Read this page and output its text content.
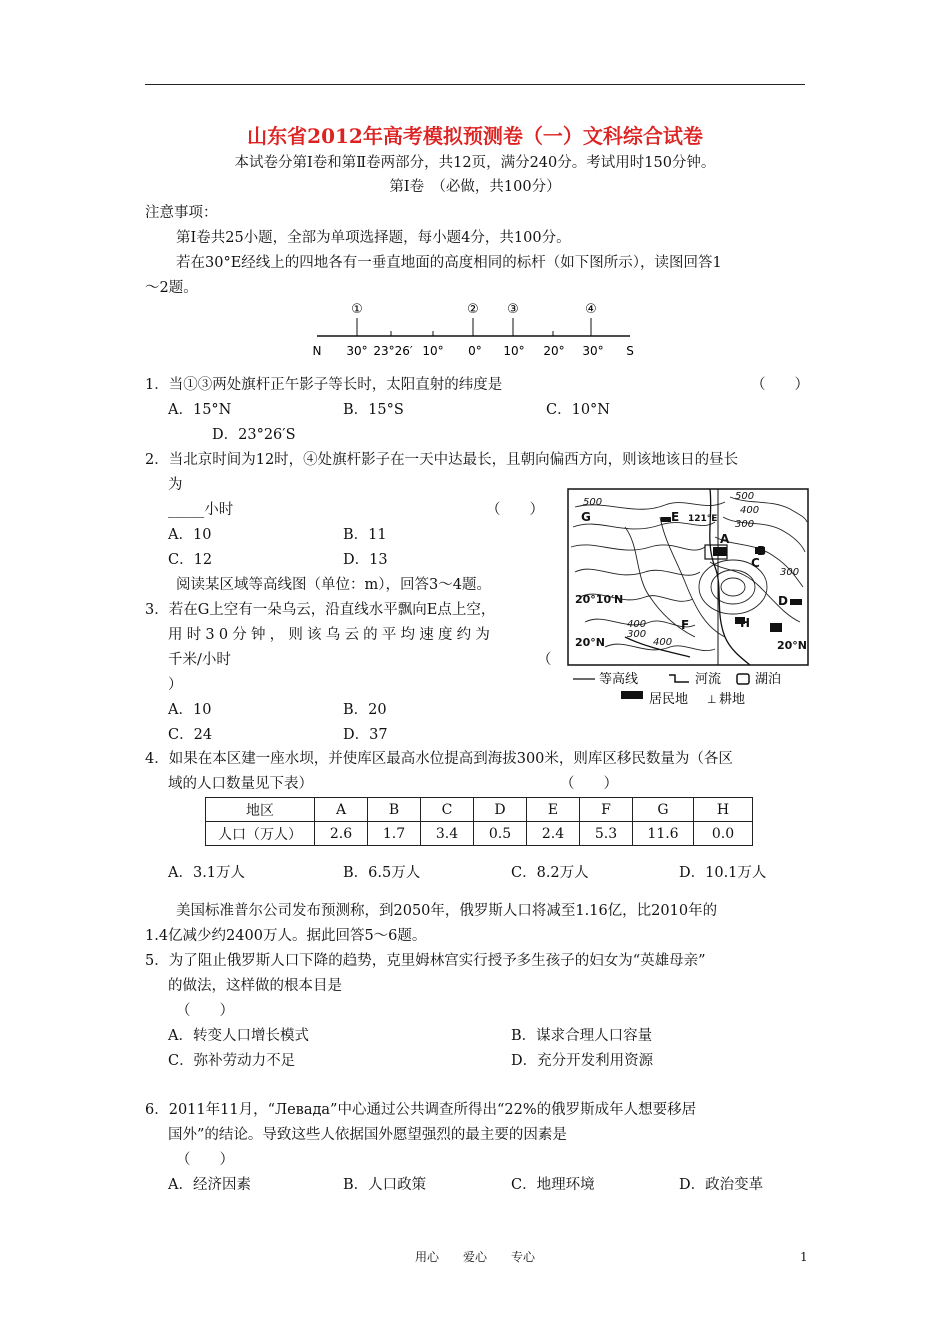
山东省2012年高考模拟预测卷（一）文科综合试卷
本试卷分第Ⅰ卷和第Ⅱ卷两部分，共12页，满分240分。考试用时150分钟。
第Ⅰ卷　（必做，共100分）
注意事项：
第Ⅰ卷共25小题，全部为单项选择题，每小题4分，共100分。
若在30°E经线上的四地各有一垂直地面的高度相同的标杆（如下图所示），读图回答1
～2题。
①	② ③	④
N	S
30° 23°26′ 10° 0° 10° 20° 30°
1．当①③两处旗杆正午影子等长时，太阳直射的纬度是	（　　）
A．15°N	B．15°S	C．10°N
D．23°26′S
2．当北京时间为12时，④处旗杆影子在一天中达最长，且朝向偏西方向，则该地该日的昼长
为
_____小时	（　　）
A．10	B．11
C．12	D．13
阅读某区域等高线图（单位：m），回答3～4题。
3．若在G上空有一朵乌云，沿直线水平飘向E点上空，
用时30分钟，则该乌云的平均速度约为
千米/小时	（
）
A．10	B．20
C．24	D．37
G	E
A
B
C
D
F	H
500
500
400
300
400
300
300
400
121°E
20°10′N
20°N	20°N
等高线	河流	湖泊
居民地 ⊥ 耕地
4．如果在本区建一座水坝，并使库区最高水位提高到海拔300米，则库区移民数量为（各区
域的人口数量见下表）	（　　）
地区	A	B	C	D	E	F	G	H
人口（万人）	2.6	1.7	3.4	0.5	2.4	5.3	11.6	0.0
A．3.1万人	B．6.5万人	C．8.2万人	D．10.1万人
美国标准普尔公司发布预测称，到2050年，俄罗斯人口将减至1.16亿，比2010年的
1.4亿减少约2400万人。据此回答5～6题。
5．为了阻止俄罗斯人口下降的趋势，克里姆林宫实行授予多生孩子的妇女为“英雄母亲”
的做法，这样做的根本目是
（　　）
A．转变人口增长模式	B．谋求合理人口容量
C．弥补劳动力不足	D．充分开发利用资源
6．2011年11月，“Левада”中心通过公共调查所得出“22%的俄罗斯成年人想要移居
国外”的结论。导致这些人依据国外愿望强烈的最主要的因素是
（　　）
A．经济因素	B．人口政策	C．地理环境	D．政治变革
用心　　爱心　　专心	1
